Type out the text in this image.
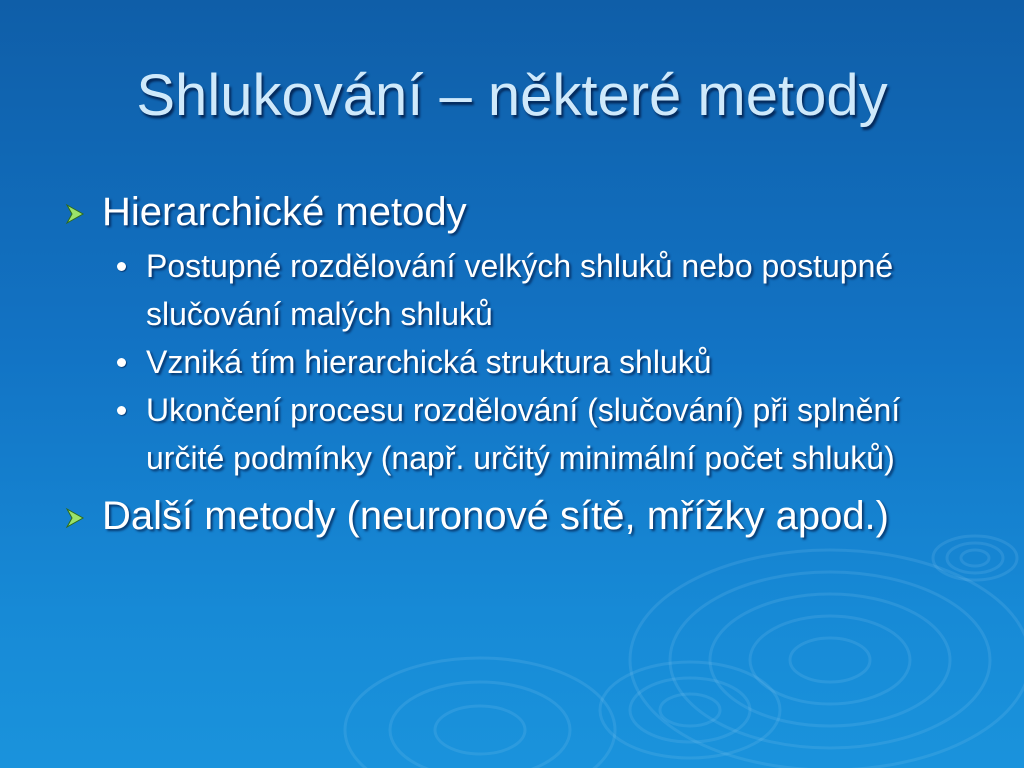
Shlukování – některé metody
Hierarchické metody
Postupné rozdělování velkých shluků nebo postupné slučování malých shluků
Vzniká tím hierarchická struktura shluků
Ukončení procesu rozdělování (slučování) při splnění určité podmínky (např. určitý minimální počet shluků)
Další metody (neuronové sítě, mřížky apod.)
